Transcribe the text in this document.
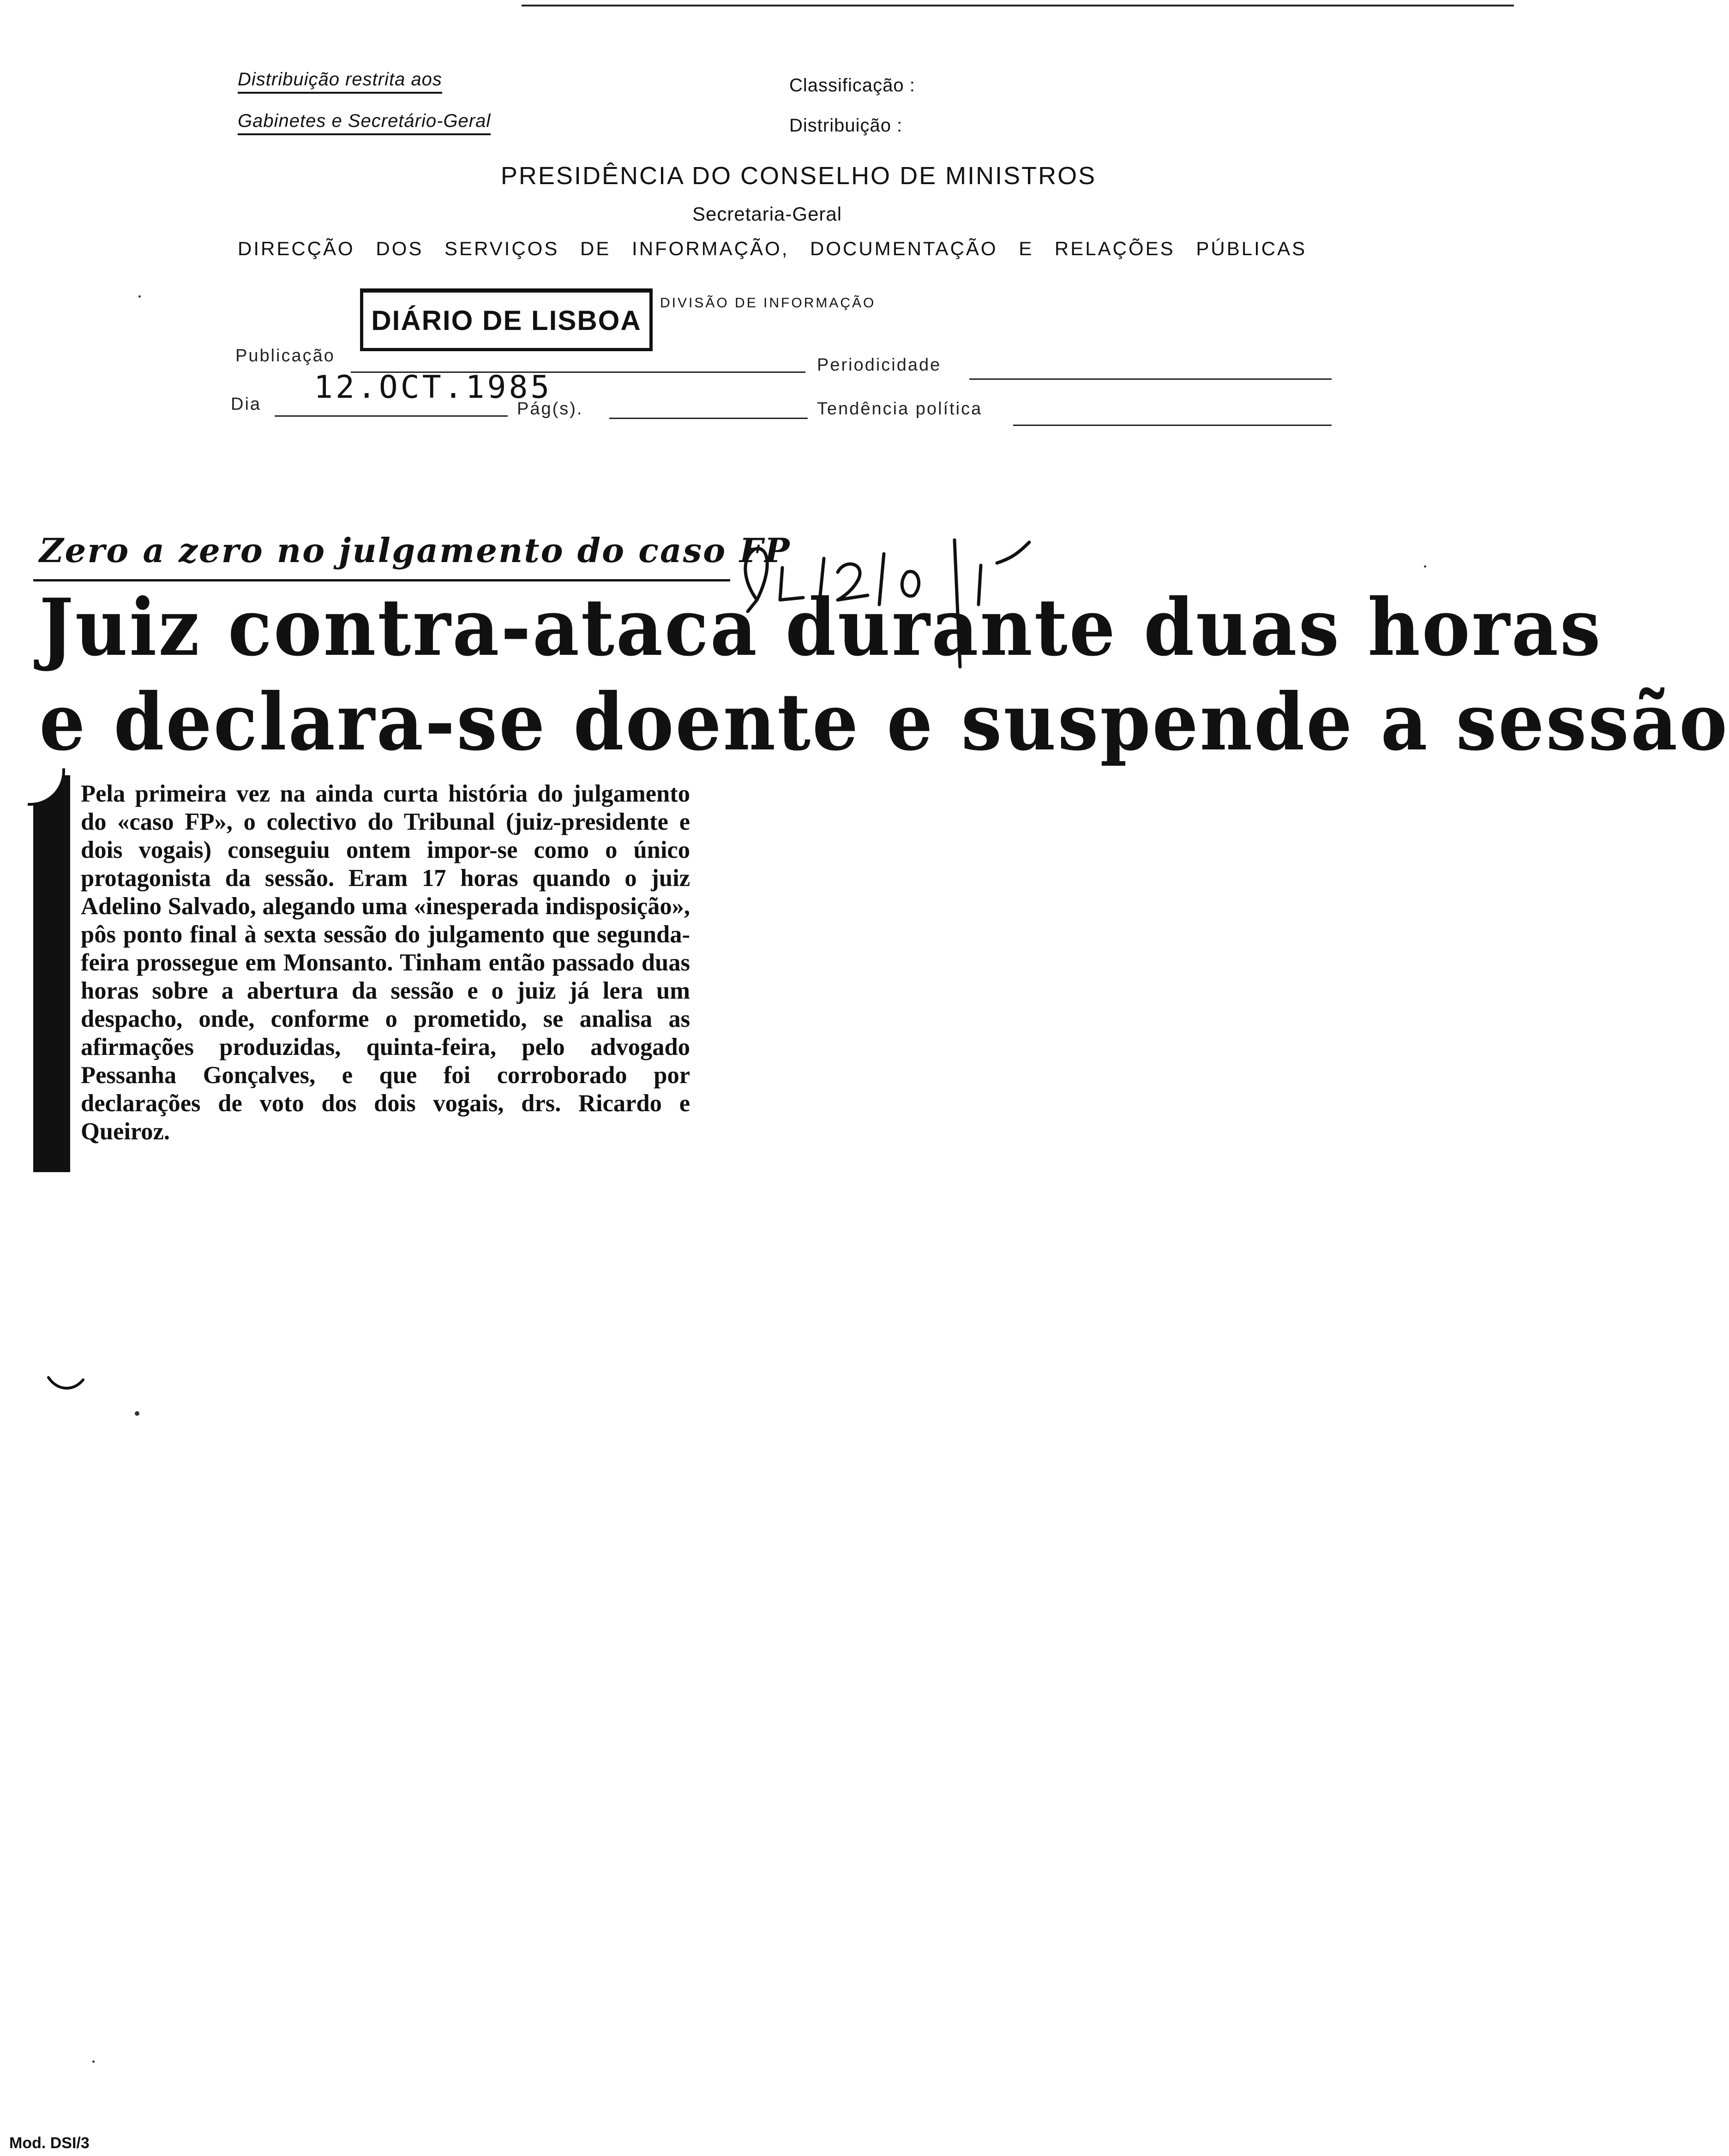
Distribuição restrita aos
Gabinetes e Secretário-Geral
Classificação :
Distribuição :
PRESIDÊNCIA DO CONSELHO DE MINISTROS
Secretaria-Geral
DIRECÇÃO DOS SERVIÇOS DE INFORMAÇÃO, DOCUMENTAÇÃO E RELAÇÕES PÚBLICAS
DIÁRIO DE LISBOA
DIVISÃO DE INFORMAÇÃO
Publicação	Periodicidade
Dia 12.OCT.1985
Pág(s).	Tendência política
Zero a zero no julgamento do caso FP
Juiz contra-ataca durante duas horas
e declara-se doente e suspende a sessão
Pela primeira vez na ainda curta história do julgamento do «caso FP», o colectivo do Tribunal (juiz-presidente e dois vogais) conseguiu ontem impor-se como o único protagonista da sessão. Eram 17 horas quando o juiz Adelino Salvado, alegando uma «inesperada indisposição», pôs ponto final à sexta sessão do julgamento que segunda-feira prossegue em Monsanto. Tinham então passado duas horas sobre a abertura da sessão e o juiz já lera um despacho, onde, conforme o prometido, se analisa as afirmações produzidas, quinta-feira, pelo advogado Pessanha Gonçalves, e que foi corroborado por declarações de voto dos dois vogais, drs. Ricardo e Queiroz.
Mod. DSI/3
